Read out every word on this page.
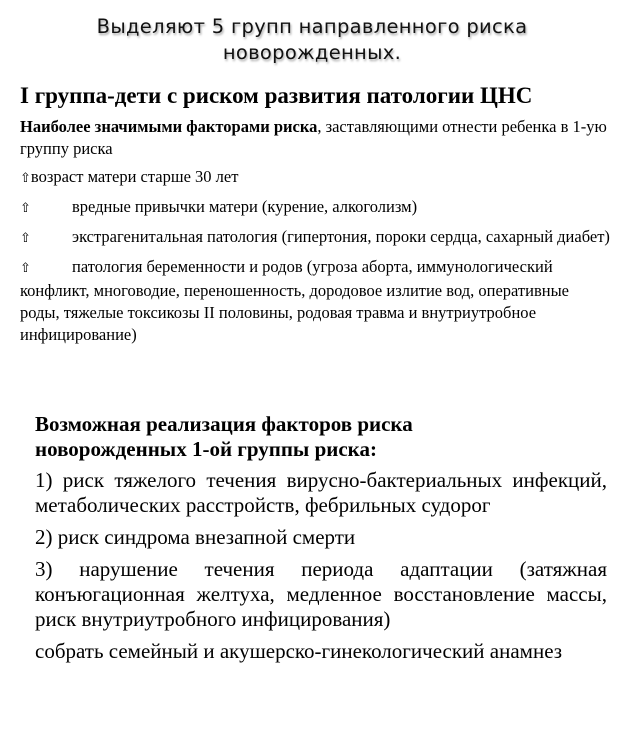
Выделяют 5 групп направленного риска
новорожденных.
I группа-дети с риском развития патологии ЦНС
Наиболее значимыми факторами риска, заставляющими отнести ребенка в 1-ую группу риска
⇧возраст матери старше 30 лет
⇧ вредные привычки матери (курение, алкоголизм)
⇧ экстрагенитальная патология (гипертония, пороки сердца, сахарный диабет)
⇧ патология беременности и родов (угроза аборта, иммунологический конфликт, многоводие, переношенность, дородовое излитие вод, оперативные роды, тяжелые токсикозы II половины, родовая травма и внутриутробное инфицирование)
Возможная реализация факторов риска
новорожденных 1-ой группы риска:
1) риск тяжелого течения вирусно-бактериальных инфекций, метаболических расстройств, фебрильных судорог
2) риск синдрома внезапной смерти
3) нарушение течения периода адаптации (затяжная конъюгационная желтуха, медленное восстановление массы, риск внутриутробного инфицирования)
собрать семейный и акушерско-гинекологический анамнез
